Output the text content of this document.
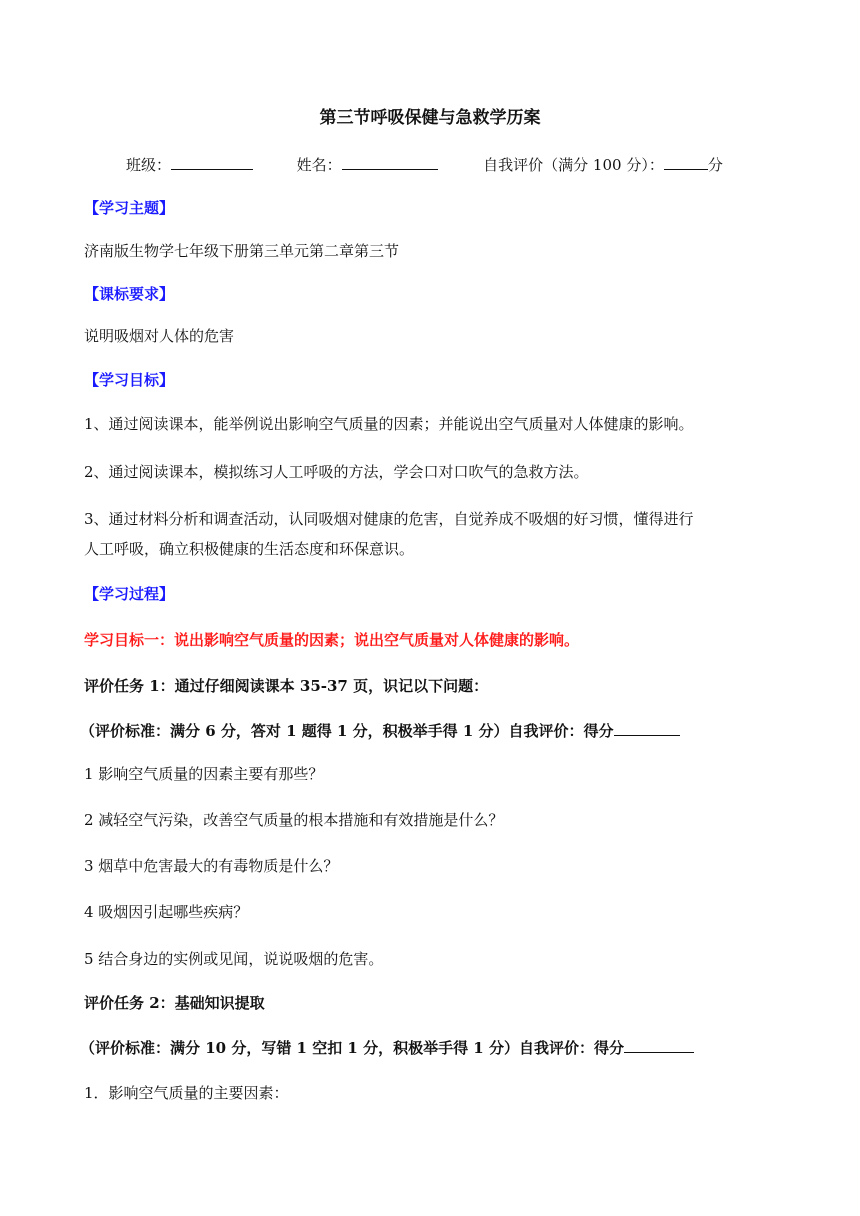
第三节呼吸保健与急救学历案
班级：	姓名：	自我评价（满分 100 分）：	分
【学习主题】
济南版生物学七年级下册第三单元第二章第三节
【课标要求】
说明吸烟对人体的危害
【学习目标】
1、通过阅读课本，能举例说出影响空气质量的因素；并能说出空气质量对人体健康的影响。
2、通过阅读课本，模拟练习人工呼吸的方法，学会口对口吹气的急救方法。
3、通过材料分析和调查活动，认同吸烟对健康的危害，自觉养成不吸烟的好习惯，懂得进行
人工呼吸，确立积极健康的生活态度和环保意识。
【学习过程】
学习目标一：说出影响空气质量的因素；说出空气质量对人体健康的影响。
评价任务 1：通过仔细阅读课本 35-37 页，识记以下问题：
（评价标准：满分 6 分，答对 1 题得 1 分，积极举手得 1 分）自我评价：得分
1 影响空气质量的因素主要有那些？
2 减轻空气污染，改善空气质量的根本措施和有效措施是什么？
3 烟草中危害最大的有毒物质是什么？
4 吸烟因引起哪些疾病？
5 结合身边的实例或见闻，说说吸烟的危害。
评价任务 2：基础知识提取
（评价标准：满分 10 分，写错 1 空扣 1 分，积极举手得 1 分）自我评价：得分
1．影响空气质量的主要因素：
